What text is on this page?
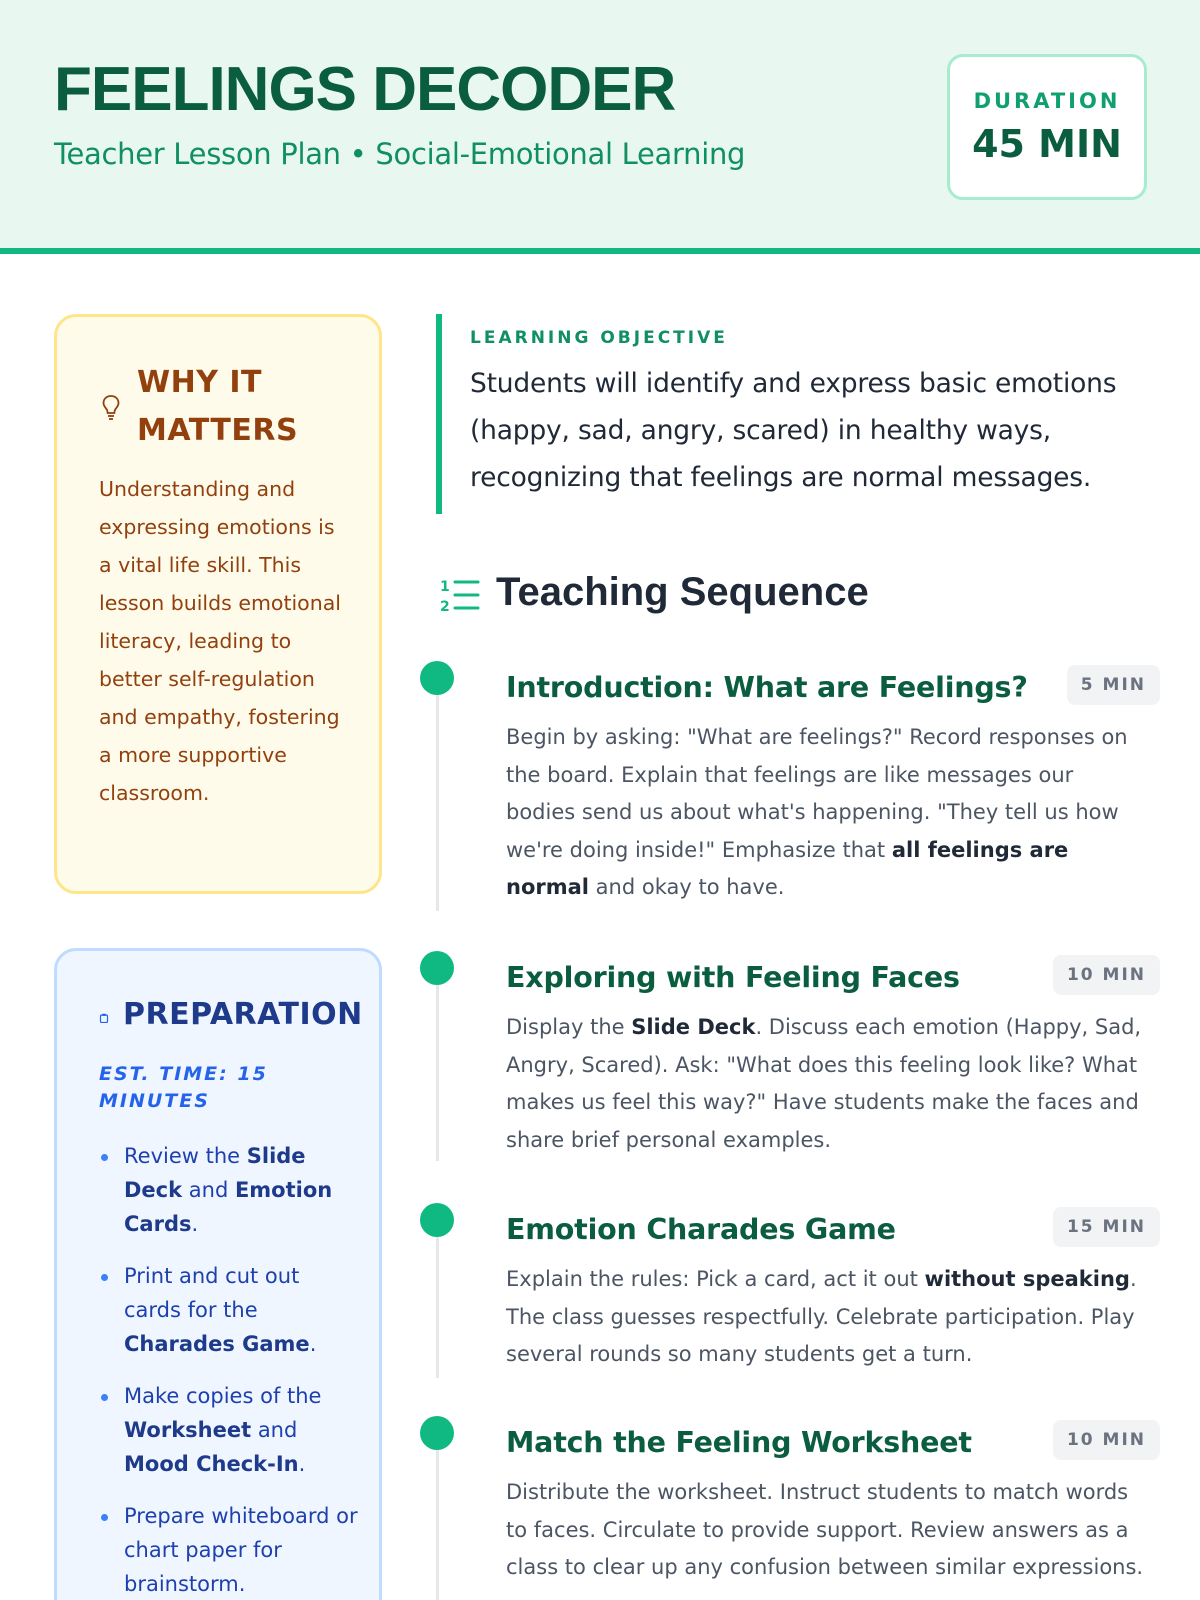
FEELINGS DECODER
Teacher Lesson Plan • Social-Emotional Learning
DURATION
45 MIN
WHY IT MATTERS

Understanding and expressing emotions is a vital life skill. This lesson builds emotional literacy, leading to better self-regulation and empathy, fostering a more supportive classroom.

PREPARATION
EST. TIME: 15 MINUTES
Review the Slide Deck and Emotion Cards.
Print and cut out cards for the Charades Game.
Make copies of the Worksheet and Mood Check-In.
Prepare whiteboard or chart paper for brainstorm.
LEARNING OBJECTIVE

Students will identify and express basic emotions (happy, sad, angry, scared) in healthy ways, recognizing that feelings are normal messages.

1
2 Teaching Sequence
Introduction: What are Feelings?	5 MIN

Begin by asking: "What are feelings?" Record responses on the board. Explain that feelings are like messages our bodies send us about what's happening. "They tell us how we're doing inside!" Emphasize that all feelings are normal and okay to have.

Exploring with Feeling Faces	10 MIN

Display the Slide Deck. Discuss each emotion (Happy, Sad, Angry, Scared). Ask: "What does this feeling look like? What makes us feel this way?" Have students make the faces and share brief personal examples.

Emotion Charades Game	15 MIN

Explain the rules: Pick a card, act it out without speaking. The class guesses respectfully. Celebrate participation. Play several rounds so many students get a turn.

Match the Feeling Worksheet	10 MIN

Distribute the worksheet. Instruct students to match words to faces. Circulate to provide support. Review answers as a class to clear up any confusion between similar expressions.
